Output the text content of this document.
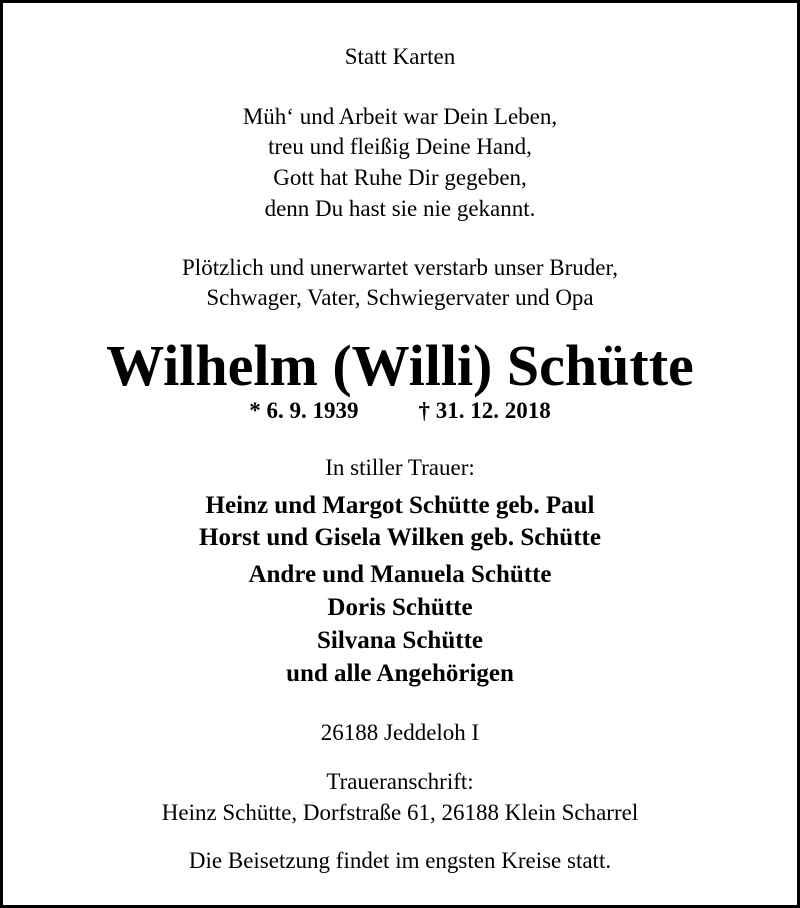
Statt Karten
Müh‘ und Arbeit war Dein Leben,
treu und fleißig Deine Hand,
Gott hat Ruhe Dir gegeben,
denn Du hast sie nie gekannt.
Plötzlich und unerwartet verstarb unser Bruder,
Schwager, Vater, Schwiegervater und Opa
Wilhelm (Willi) Schütte
* 6. 9. 1939	† 31. 12. 2018
In stiller Trauer:
Heinz und Margot Schütte geb. Paul
Horst und Gisela Wilken geb. Schütte
Andre und Manuela Schütte
Doris Schütte
Silvana Schütte
und alle Angehörigen
26188 Jeddeloh I
Traueranschrift:
Heinz Schütte, Dorfstraße 61, 26188 Klein Scharrel
Die Beisetzung findet im engsten Kreise statt.
